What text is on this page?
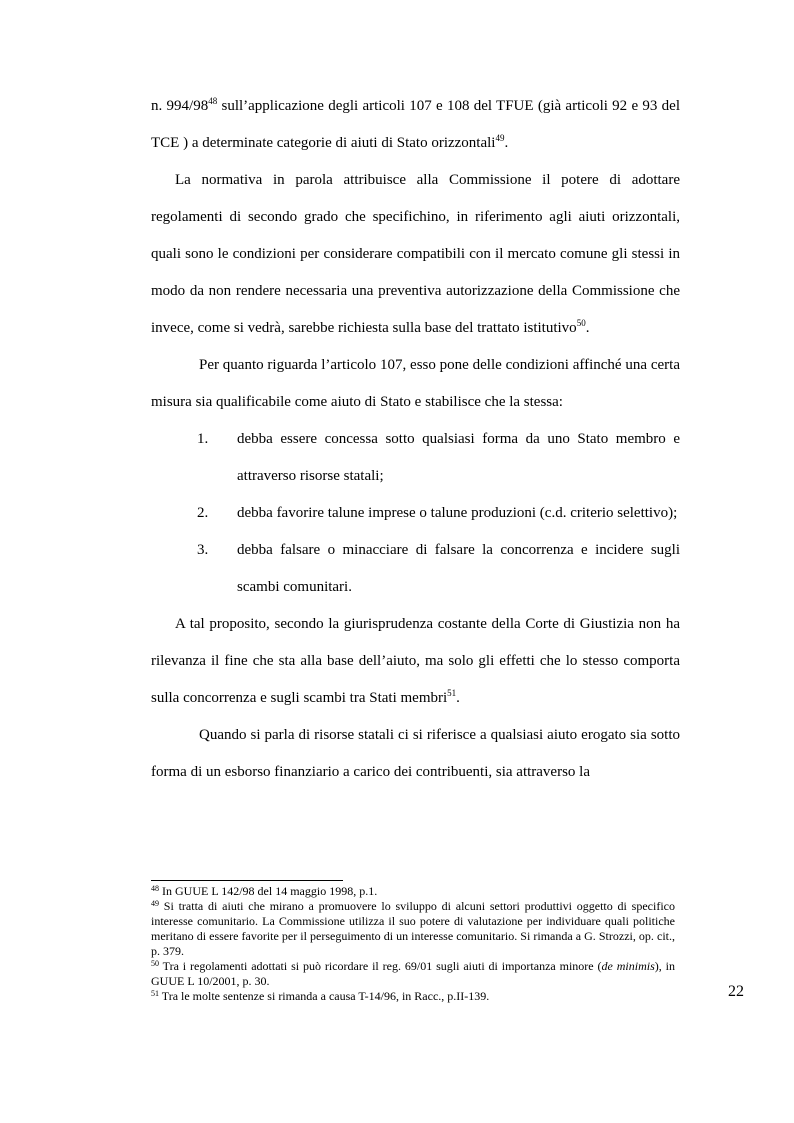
n. 994/98$^{48}$ sull’applicazione degli articoli 107 e 108 del TFUE (già articoli 92 e 93 del TCE ) a determinate categorie di aiuti di Stato orizzontali$^{49}$.

La normativa in parola attribuisce alla Commissione il potere di adottare regolamenti di secondo grado che specifichino, in riferimento agli aiuti orizzontali, quali sono le condizioni per considerare compatibili con il mercato comune gli stessi in modo da non rendere necessaria una preventiva autorizzazione della Commissione che invece, come si vedrà, sarebbe richiesta sulla base del trattato istitutivo$^{50}$.

Per quanto riguarda l’articolo 107, esso pone delle condizioni affinché una certa misura sia qualificabile come aiuto di Stato e stabilisce che la stessa:

1. debba essere concessa sotto qualsiasi forma da uno Stato membro e attraverso risorse statali;
2. debba favorire talune imprese o talune produzioni (c.d. criterio selettivo);
3. debba falsare o minacciare di falsare la concorrenza e incidere sugli scambi comunitari.

A tal proposito, secondo la giurisprudenza costante della Corte di Giustizia non ha rilevanza il fine che sta alla base dell’aiuto, ma solo gli effetti che lo stesso comporta sulla concorrenza e sugli scambi tra Stati membri$^{51}$.

Quando si parla di risorse statali ci si riferisce a qualsiasi aiuto erogato sia sotto forma di un esborso finanziario a carico dei contribuenti, sia attraverso la

$^{48}$ In GUUE L 142/98 del 14 maggio 1998, p.1.

$^{49}$ Si tratta di aiuti che mirano a promuovere lo sviluppo di alcuni settori produttivi oggetto di specifico interesse comunitario. La Commissione utilizza il suo potere di valutazione per individuare quali politiche meritano di essere favorite per il perseguimento di un interesse comunitario. Si rimanda a G. Strozzi, op. cit., p. 379.

$^{50}$ Tra i regolamenti adottati si può ricordare il reg. 69/01 sugli aiuti di importanza minore (de minimis), in GUUE L 10/2001, p. 30.

$^{51}$ Tra le molte sentenze si rimanda a causa T-14/96, in Racc., p.II-139.	22
